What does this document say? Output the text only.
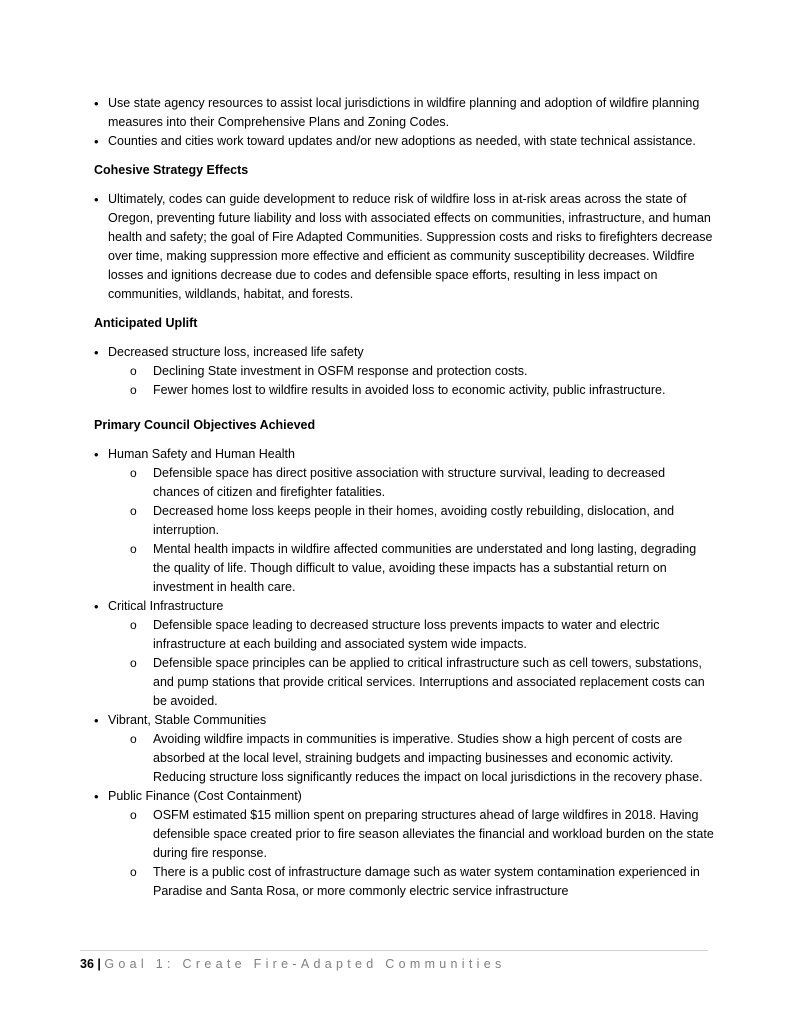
• Use state agency resources to assist local jurisdictions in wildfire planning and adoption of wildfire planning measures into their Comprehensive Plans and Zoning Codes.
• Counties and cities work toward updates and/or new adoptions as needed, with state technical assistance.
Cohesive Strategy Effects
• Ultimately, codes can guide development to reduce risk of wildfire loss in at-risk areas across the state of Oregon, preventing future liability and loss with associated effects on communities, infrastructure, and human health and safety; the goal of Fire Adapted Communities. Suppression costs and risks to firefighters decrease over time, making suppression more effective and efficient as community susceptibility decreases. Wildfire losses and ignitions decrease due to codes and defensible space efforts, resulting in less impact on communities, wildlands, habitat, and forests.
Anticipated Uplift
• Decreased structure loss, increased life safety
o Declining State investment in OSFM response and protection costs.
o Fewer homes lost to wildfire results in avoided loss to economic activity, public infrastructure.
Primary Council Objectives Achieved
• Human Safety and Human Health
o Defensible space has direct positive association with structure survival, leading to decreased chances of citizen and firefighter fatalities.
o Decreased home loss keeps people in their homes, avoiding costly rebuilding, dislocation, and interruption.
o Mental health impacts in wildfire affected communities are understated and long lasting, degrading the quality of life. Though difficult to value, avoiding these impacts has a substantial return on investment in health care.
• Critical Infrastructure
o Defensible space leading to decreased structure loss prevents impacts to water and electric infrastructure at each building and associated system wide impacts.
o Defensible space principles can be applied to critical infrastructure such as cell towers, substations, and pump stations that provide critical services. Interruptions and associated replacement costs can be avoided.
• Vibrant, Stable Communities
o Avoiding wildfire impacts in communities is imperative. Studies show a high percent of costs are absorbed at the local level, straining budgets and impacting businesses and economic activity. Reducing structure loss significantly reduces the impact on local jurisdictions in the recovery phase.
• Public Finance (Cost Containment)
o OSFM estimated $15 million spent on preparing structures ahead of large wildfires in 2018. Having defensible space created prior to fire season alleviates the financial and workload burden on the state during fire response.
o There is a public cost of infrastructure damage such as water system contamination experienced in Paradise and Santa Rosa, or more commonly electric service infrastructure
36 | Goal 1: Create Fire-Adapted Communities
